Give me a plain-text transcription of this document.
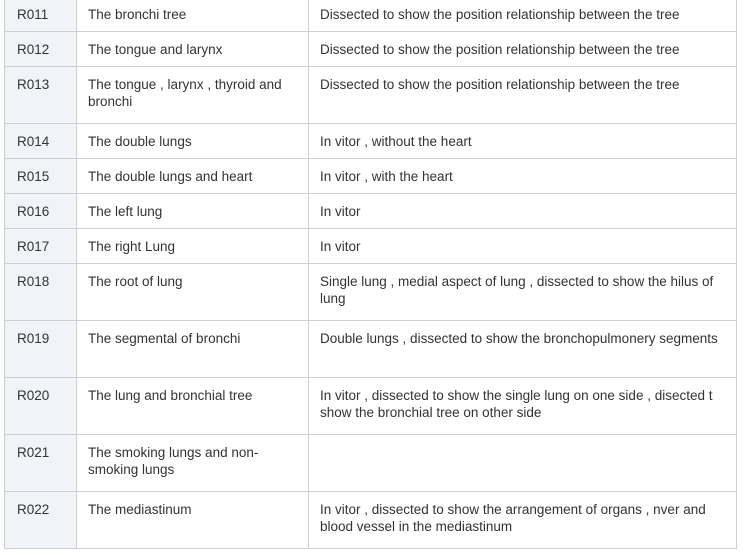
R011	The bronchi tree	Dissected to show the position relationship between the tree
R012	The tongue and larynx	Dissected to show the position relationship between the tree
R013	The tongue , larynx , thyroid and bronchi	Dissected to show the position relationship between the tree
R014	The double lungs	In vitor , without the heart
R015	The double lungs and heart	In vitor , with the heart
R016	The left lung	In vitor
R017	The right Lung	In vitor
R018	The root of lung	Single lung , medial aspect of lung , dissected to show the hilus of lung
R019	The segmental of bronchi	Double lungs , dissected to show the bronchopulmonery segments
R020	The lung and bronchial tree	In vitor , dissected to show the single lung on one side , disected t show the bronchial tree on other side
R021	The smoking lungs and non-smoking lungs	
R022	The mediastinum	In vitor , dissected to show the arrangement of organs , nver and blood vessel in the mediastinum
